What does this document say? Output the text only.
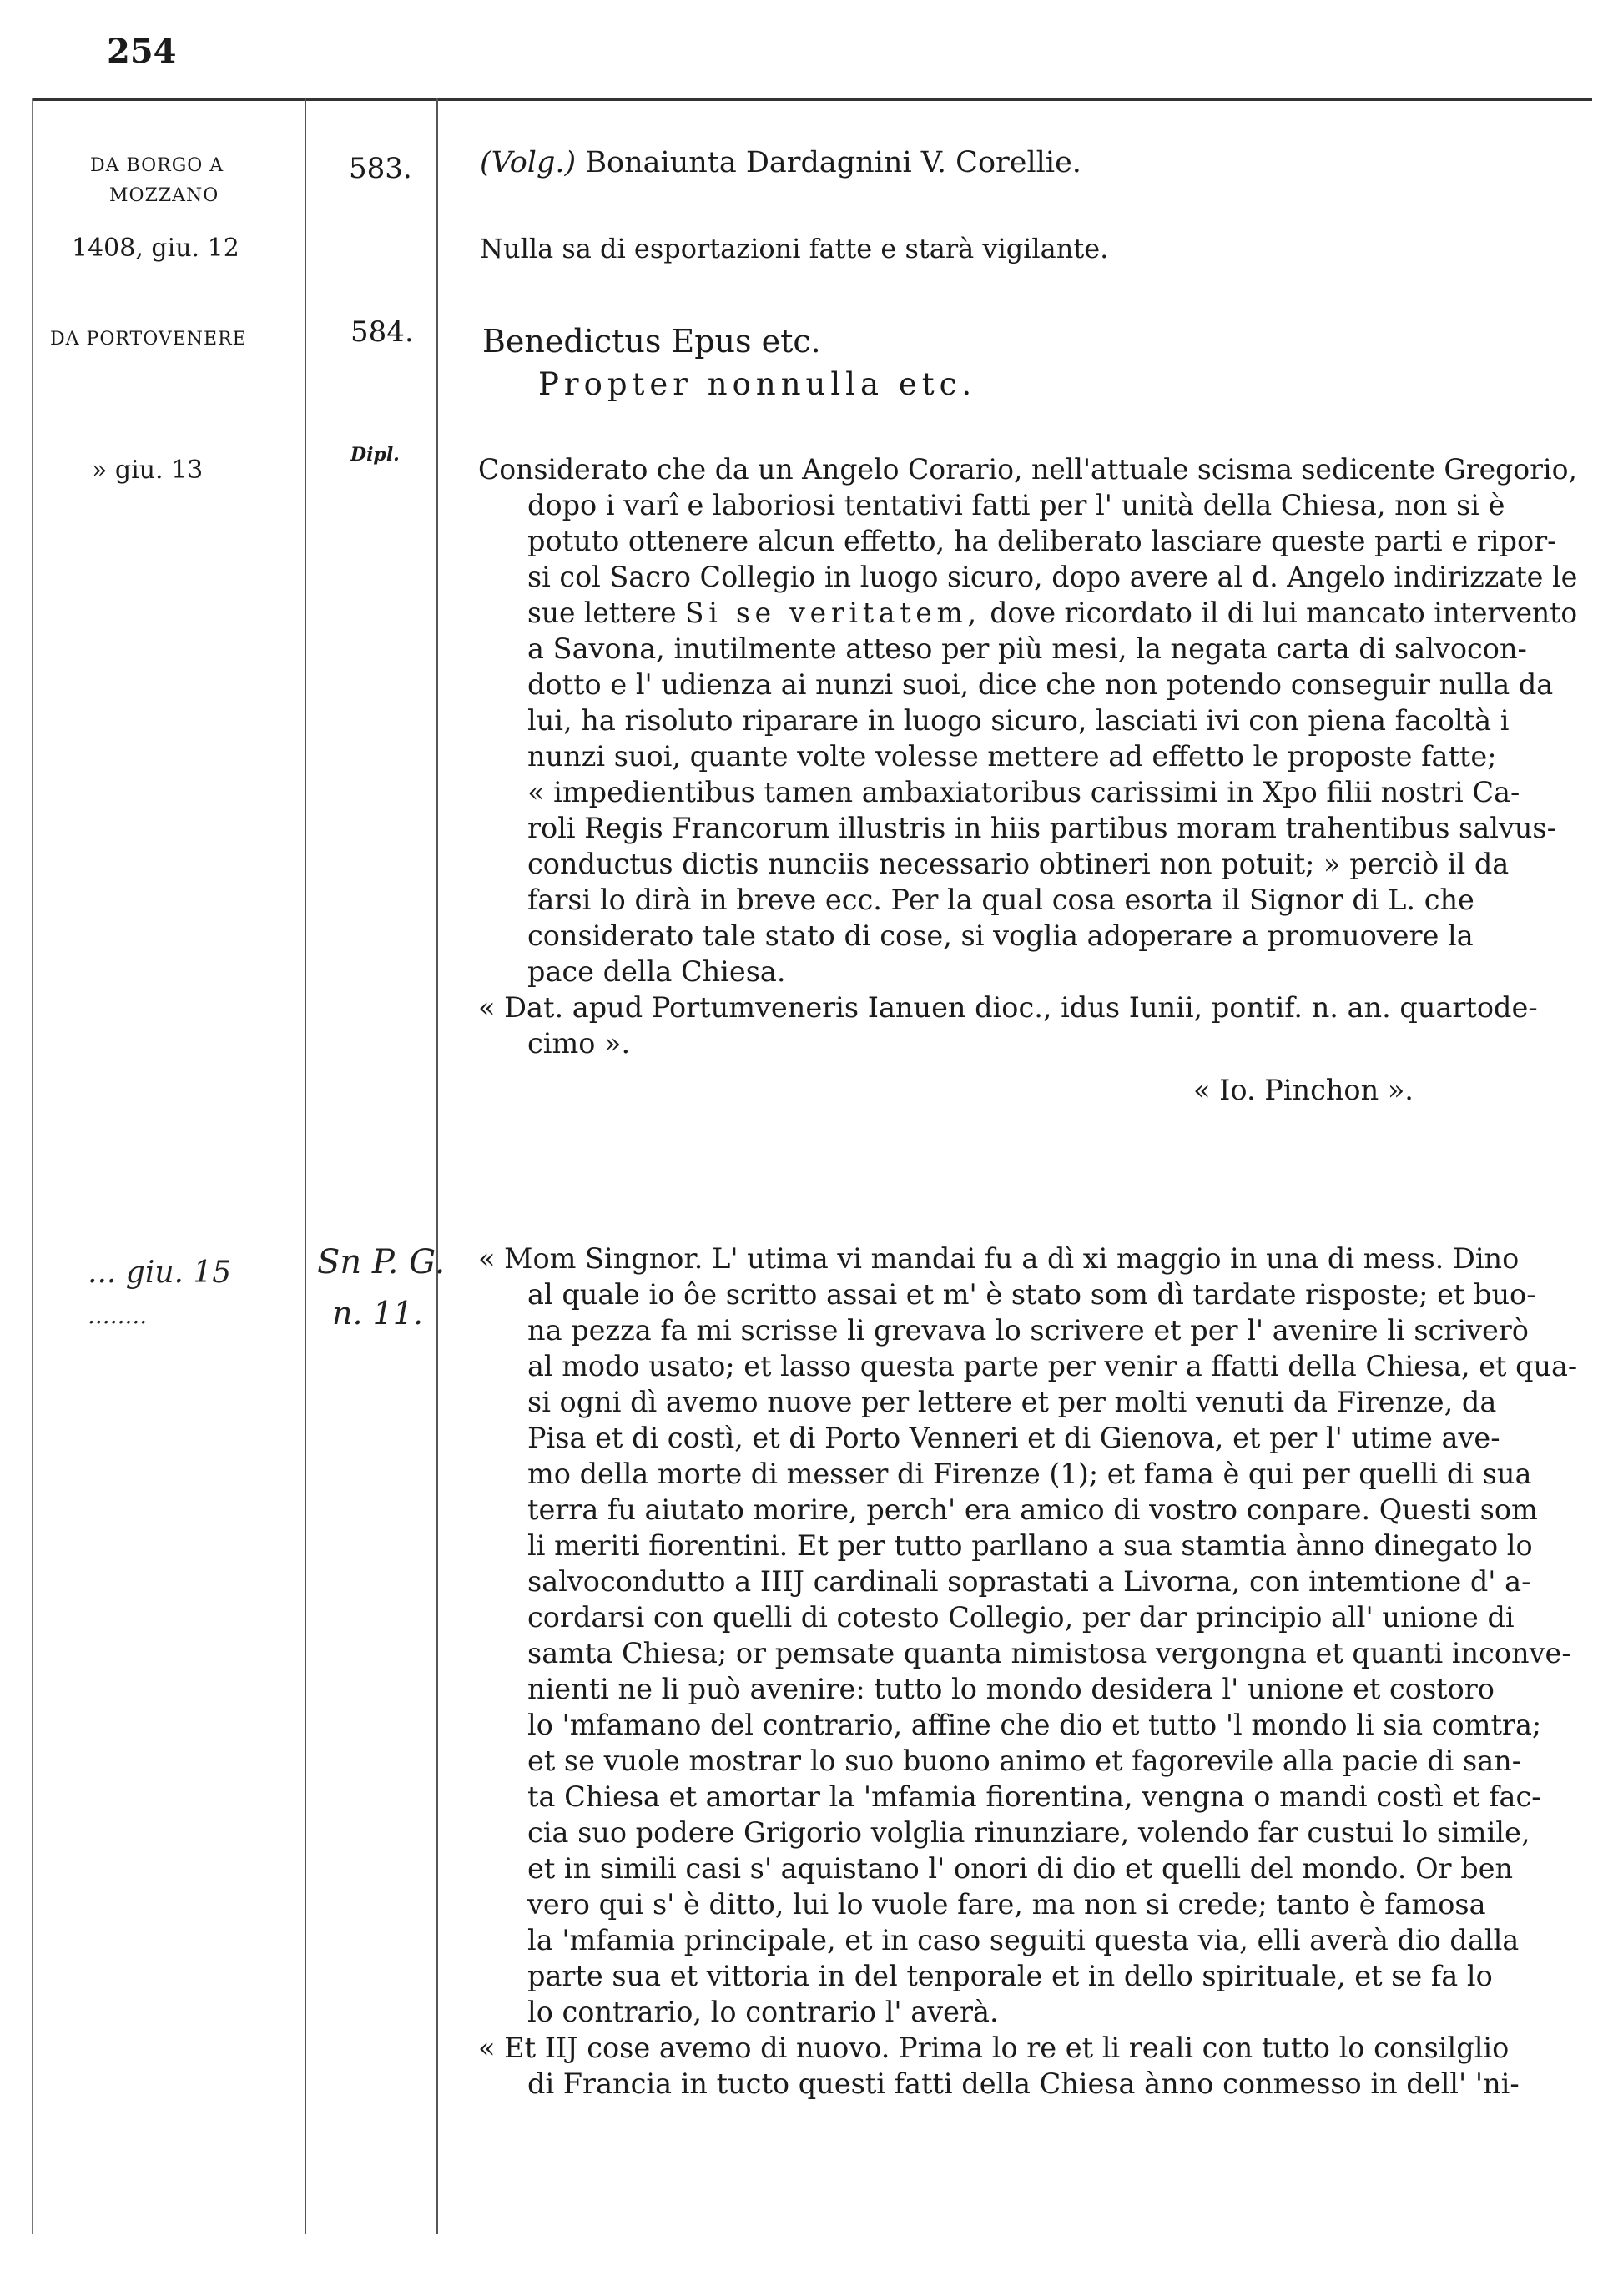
254
DA BORGO A
MOZZANO
1408, giu. 12
583. (Volg.) Bonaiunta Dardagnini V. Corellie.
Nulla sa di esportazioni fatte e starà vigilante.
DA PORTOVENERE
» giu. 13
584.
Dipl.
Benedictus Epus etc.
Propter nonnulla etc.

Considerato che da un Angelo Corario, nell'attuale scisma sedicente Gregorio,

dopo i varî e laboriosi tentativi fatti per l' unità della Chiesa, non si è

potuto ottenere alcun effetto, ha deliberato lasciare queste parti e ripor-

si col Sacro Collegio in luogo sicuro, dopo avere al d. Angelo indirizzate le

sue lettere Si se veritatem, dove ricordato il di lui mancato intervento

a Savona, inutilmente atteso per più mesi, la negata carta di salvocon-

dotto e l' udienza ai nunzi suoi, dice che non potendo conseguir nulla da

lui, ha risoluto riparare in luogo sicuro, lasciati ivi con piena facoltà i

nunzi suoi, quante volte volesse mettere ad effetto le proposte fatte;

« impedientibus tamen ambaxiatoribus carissimi in Xpo filii nostri Ca-

roli Regis Francorum illustris in hiis partibus moram trahentibus salvus-

conductus dictis nunciis necessario obtineri non potuit; » perciò il da

farsi lo dirà in breve ecc. Per la qual cosa esorta il Signor di L. che

considerato tale stato di cose, si voglia adoperare a promuovere la

pace della Chiesa.

« Dat. apud Portumveneris Ianuen dioc., idus Iunii, pontif. n. an. quartode-

cimo ».

« Io. Pinchon ».

... giu. 15
........
Sn P. G.
n. 11.

« Mom Singnor. L' utima vi mandai fu a dì xi maggio in una di mess. Dino

al quale io ôe scritto assai et m' è stato som dì tardate risposte; et buo-

na pezza fa mi scrisse li grevava lo scrivere et per l' avenire li scriverò

al modo usato; et lasso questa parte per venir a ffatti della Chiesa, et qua-

si ogni dì avemo nuove per lettere et per molti venuti da Firenze, da

Pisa et di costì, et di Porto Venneri et di Gienova, et per l' utime ave-

mo della morte di messer di Firenze (1); et fama è qui per quelli di sua

terra fu aiutato morire, perch' era amico di vostro conpare. Questi som

li meriti fiorentini. Et per tutto parllano a sua stamtia ànno dinegato lo

salvocondutto a IIIJ cardinali soprastati a Livorna, con intemtione d' a-

cordarsi con quelli di cotesto Collegio, per dar principio all' unione di

samta Chiesa; or pemsate quanta nimistosa vergongna et quanti inconve-

nienti ne li può avenire: tutto lo mondo desidera l' unione et costoro

lo 'mfamano del contrario, affine che dio et tutto 'l mondo li sia comtra;

et se vuole mostrar lo suo buono animo et fagorevile alla pacie di san-

ta Chiesa et amortar la 'mfamia fiorentina, vengna o mandi costì et fac-

cia suo podere Grigorio volglia rinunziare, volendo far custui lo simile,

et in simili casi s' aquistano l' onori di dio et quelli del mondo. Or ben

vero qui s' è ditto, lui lo vuole fare, ma non si crede; tanto è famosa

la 'mfamia principale, et in caso seguiti questa via, elli averà dio dalla

parte sua et vittoria in del tenporale et in dello spirituale, et se fa lo

lo contrario, lo contrario l' averà.

« Et IIJ cose avemo di nuovo. Prima lo re et li reali con tutto lo consilglio

di Francia in tucto questi fatti della Chiesa ànno conmesso in dell' 'ni-
